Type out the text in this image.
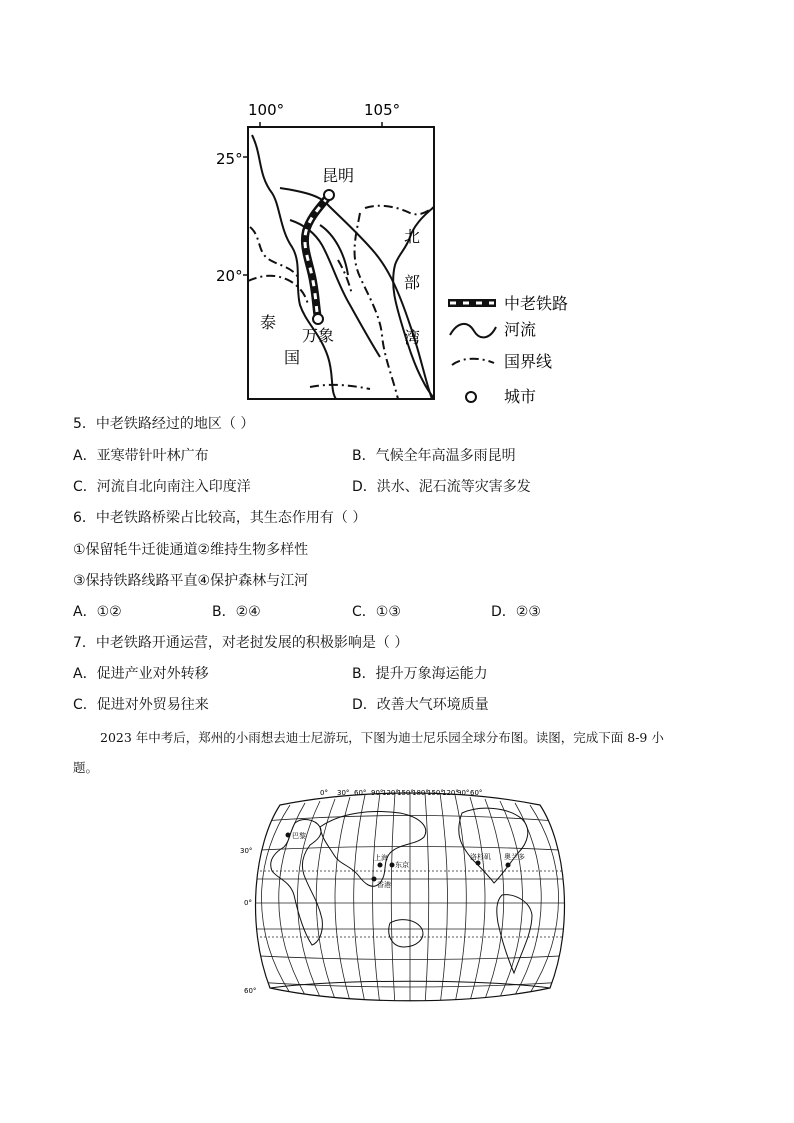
100°	105°
25°
20°
昆明
万象
北
部
湾
泰
国
中老铁路
河流
国界线
城市
5．中老铁路经过的地区（ ）
A．亚寒带针叶林广布	B．气候全年高温多雨昆明
C．河流自北向南注入印度洋	D．洪水、泥石流等灾害多发
6．中老铁路桥梁占比较高，其生态作用有（ ）
①保留牦牛迁徙通道②维持生物多样性
③保持铁路线路平直④保护森林与江河
A．①②	B．②④	C．①③	D．②③
7．中老铁路开通运营，对老挝发展的积极影响是（ ）
A．促进产业对外转移	B．提升万象海运能力
C．促进对外贸易往来	D．改善大气环境质量
2023 年中考后，郑州的小雨想去迪士尼游玩，下图为迪士尼乐园全球分布图。读图，完成下面 8-9 小
题。
0° 30° 60° 90°
120°
150°
180°
150°
120°
90° 60°
30°
0°
60°
巴黎
上海
东京
香港
洛杉矶 奥兰多
